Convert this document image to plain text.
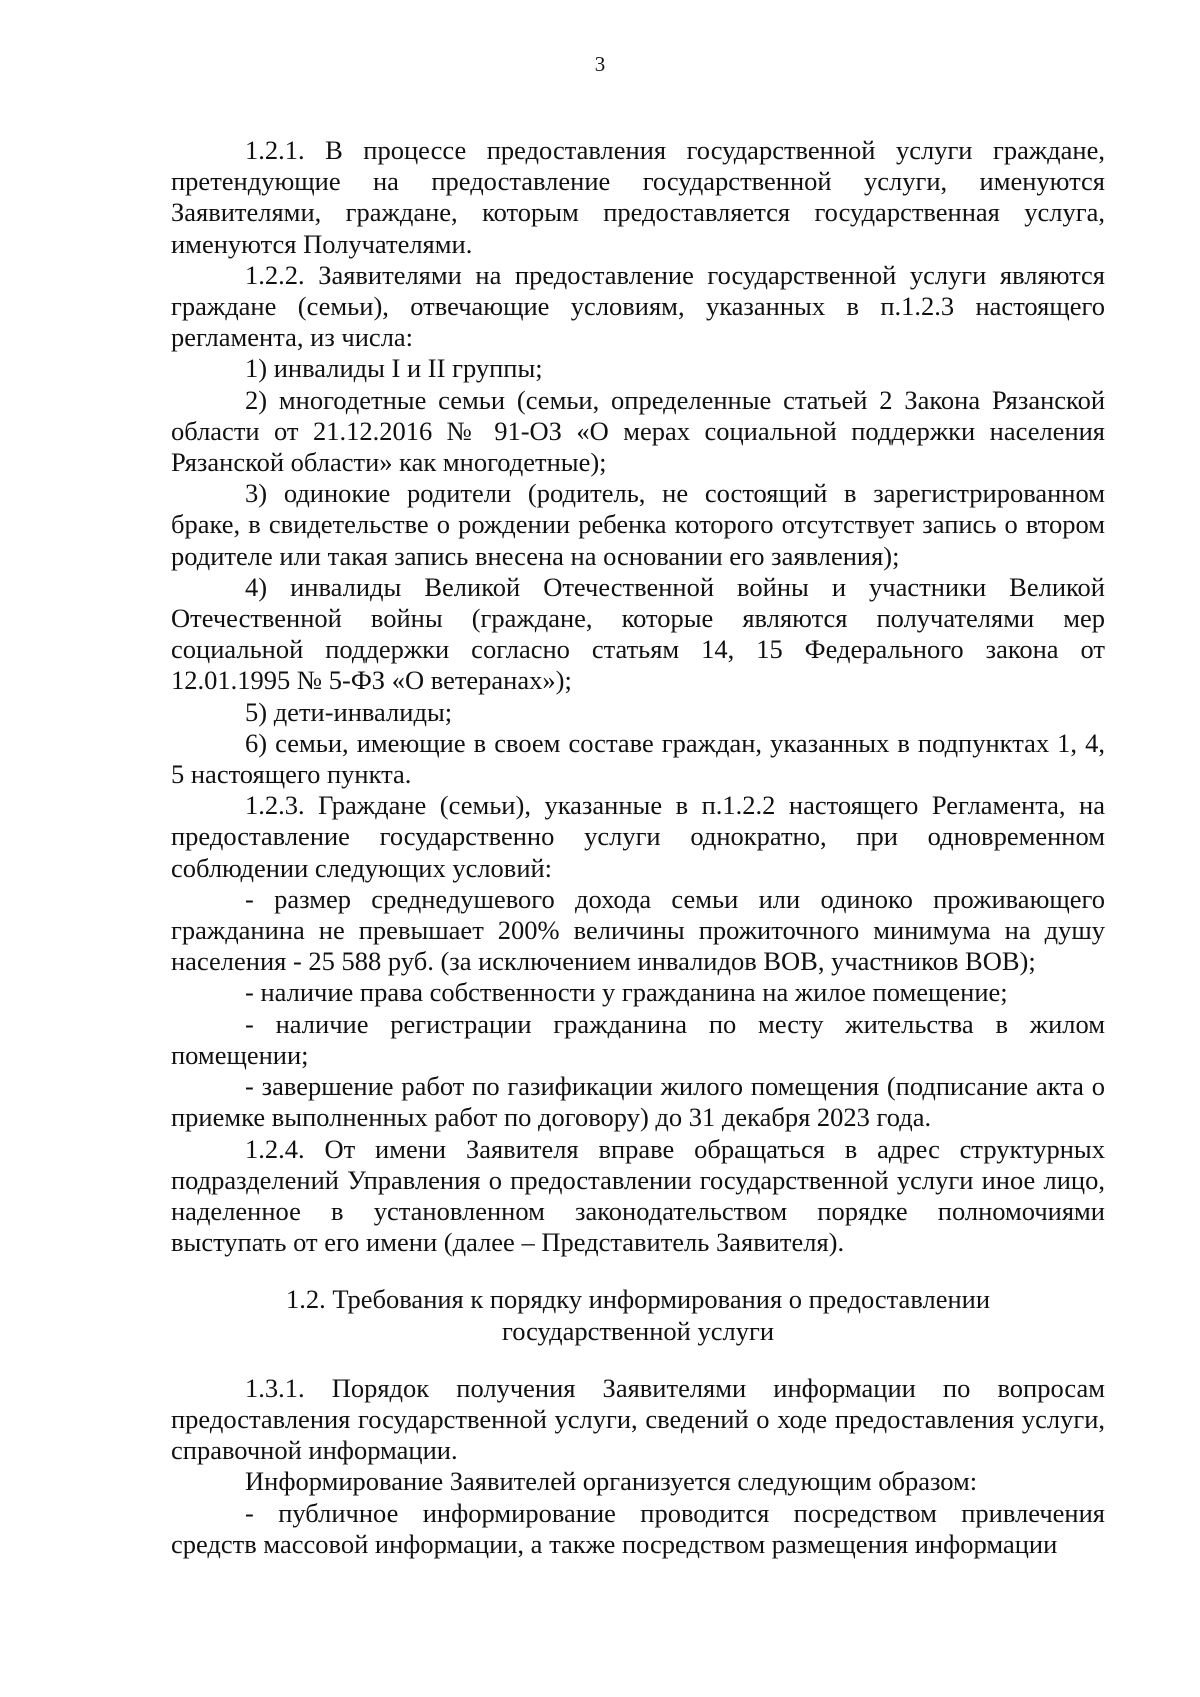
3

1.2.1. В процессе предоставления государственной услуги граждане, претендующие на предоставление государственной услуги, именуются Заявителями, граждане, которым предоставляется государственная услуга, именуются Получателями.

1.2.2. Заявителями на предоставление государственной услуги являются граждане (семьи), отвечающие условиям, указанных в п.1.2.3 настоящего регламента, из числа:

1) инвалиды I и II группы;

2) многодетные семьи (семьи, определенные статьей 2 Закона Рязанской области от 21.12.2016 № 91-ОЗ «О мерах социальной поддержки населения Рязанской области» как многодетные);

3) одинокие родители (родитель, не состоящий в зарегистрированном браке, в свидетельстве о рождении ребенка которого отсутствует запись о втором родителе или такая запись внесена на основании его заявления);

4) инвалиды Великой Отечественной войны и участники Великой Отечественной войны (граждане, которые являются получателями мер социальной поддержки согласно статьям 14, 15 Федерального закона от 12.01.1995 № 5-ФЗ «О ветеранах»);

5) дети-инвалиды;

6) семьи, имеющие в своем составе граждан, указанных в подпунктах 1, 4, 5 настоящего пункта.

1.2.3. Граждане (семьи), указанные в п.1.2.2 настоящего Регламента, на предоставление государственно услуги однократно, при одновременном соблюдении следующих условий:

- размер среднедушевого дохода семьи или одиноко проживающего гражданина не превышает 200% величины прожиточного минимума на душу населения - 25 588 руб. (за исключением инвалидов ВОВ, участников ВОВ);

- наличие права собственности у гражданина на жилое помещение;

- наличие регистрации гражданина по месту жительства в жилом помещении;

- завершение работ по газификации жилого помещения (подписание акта о приемке выполненных работ по договору) до 31 декабря 2023 года.

1.2.4. От имени Заявителя вправе обращаться в адрес структурных подразделений Управления о предоставлении государственной услуги иное лицо, наделенное в установленном законодательством порядке полномочиями выступать от его имени (далее – Представитель Заявителя).

1.2. Требования к порядку информирования о предоставлении
государственной услуги

1.3.1. Порядок получения Заявителями информации по вопросам предоставления государственной услуги, сведений о ходе предоставления услуги, справочной информации.

Информирование Заявителей организуется следующим образом:

- публичное информирование проводится посредством привлечения средств массовой информации, а также посредством размещения информации
